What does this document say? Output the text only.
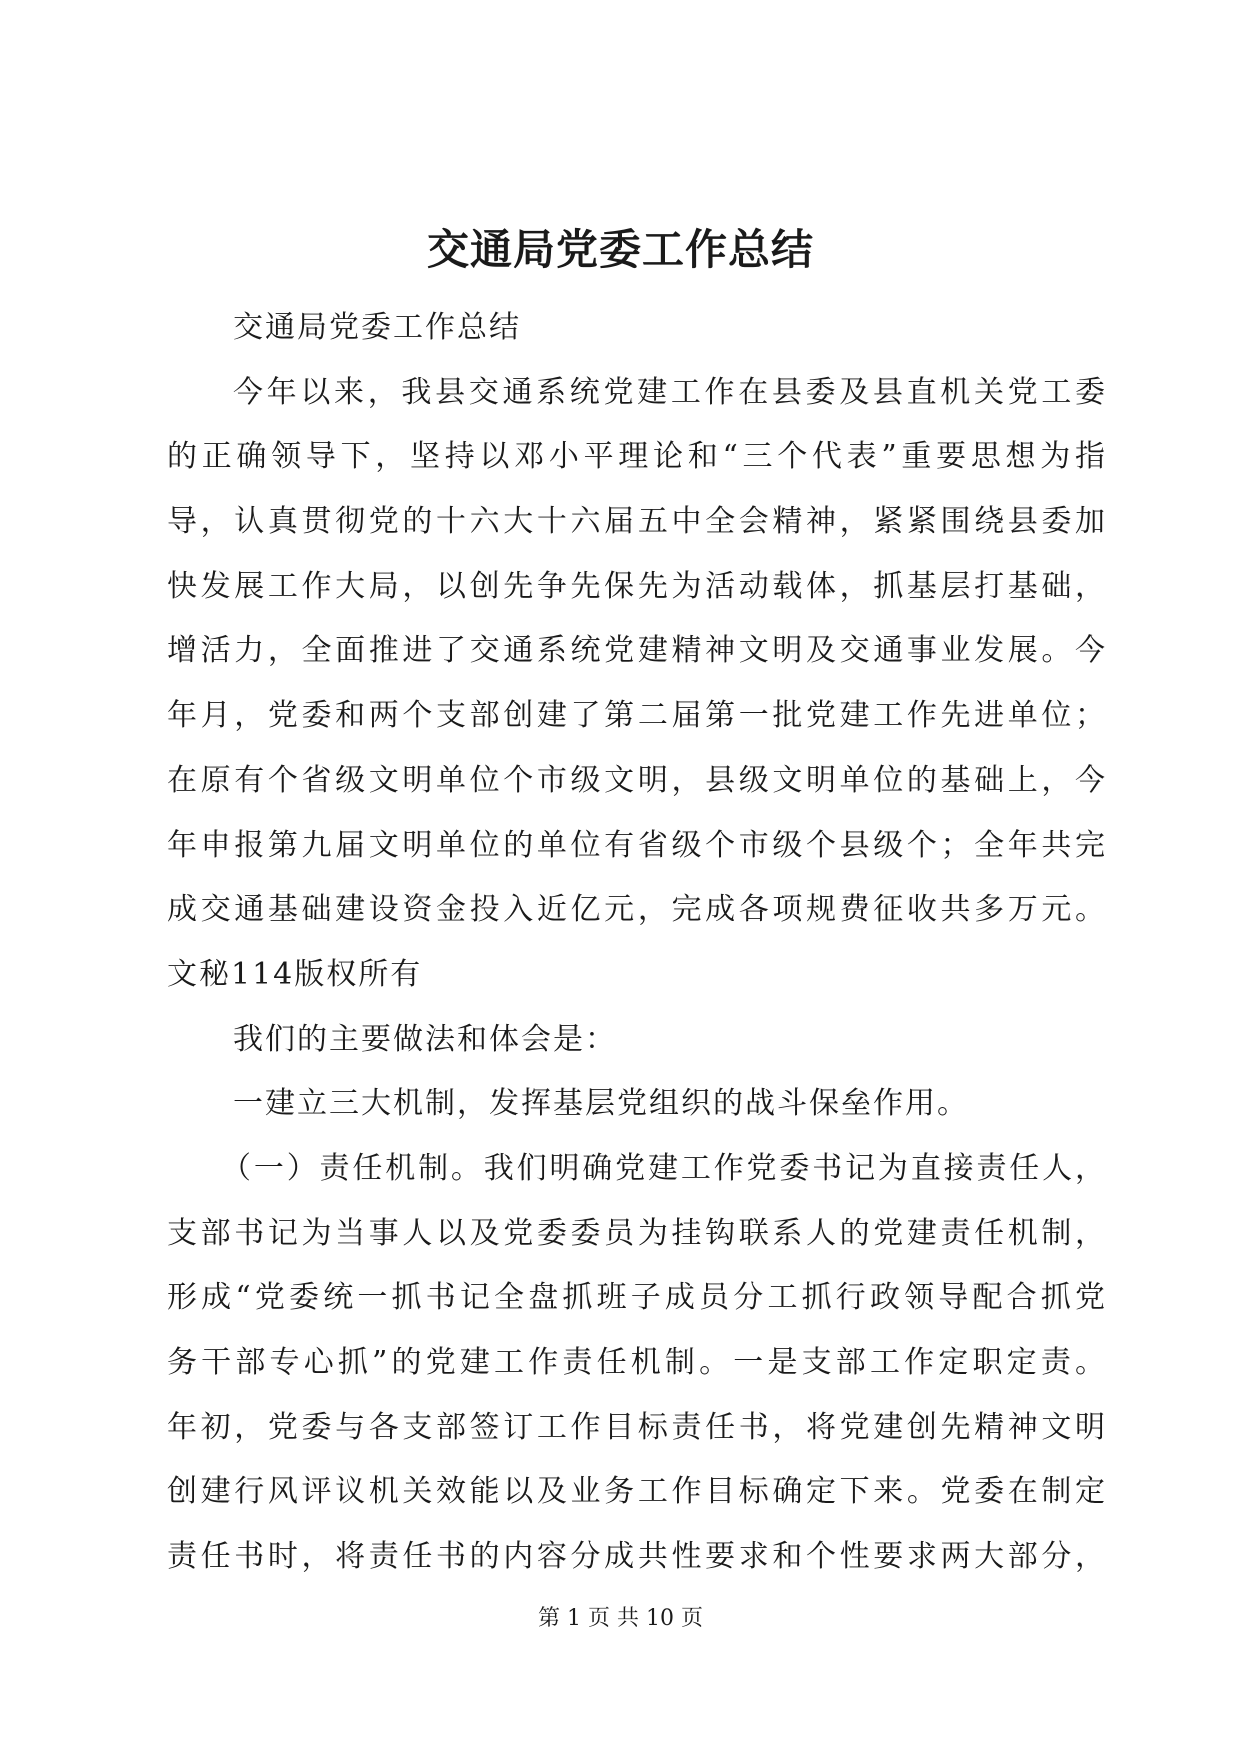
交通局党委工作总结

交通局党委工作总结

今年以来，我县交通系统党建工作在县委及县直机关党工委
的正确领导下，坚持以邓小平理论和“三个代表”重要思想为指
导，认真贯彻党的十六大十六届五中全会精神，紧紧围绕县委加
快发展工作大局，以创先争先保先为活动载体，抓基层打基础，
增活力，全面推进了交通系统党建精神文明及交通事业发展。今
年月，党委和两个支部创建了第二届第一批党建工作先进单位；
在原有个省级文明单位个市级文明，县级文明单位的基础上，今
年申报第九届文明单位的单位有省级个市级个县级个；全年共完
成交通基础建设资金投入近亿元，完成各项规费征收共多万元。
文秘114版权所有

我们的主要做法和体会是：

一建立三大机制，发挥基层党组织的战斗保垒作用。

（一）责任机制。我们明确党建工作党委书记为直接责任人，
支部书记为当事人以及党委委员为挂钩联系人的党建责任机制，
形成“党委统一抓书记全盘抓班子成员分工抓行政领导配合抓党
务干部专心抓”的党建工作责任机制。一是支部工作定职定责。
年初，党委与各支部签订工作目标责任书，将党建创先精神文明
创建行风评议机关效能以及业务工作目标确定下来。党委在制定
责任书时，将责任书的内容分成共性要求和个性要求两大部分，
第 1 页 共 10 页
